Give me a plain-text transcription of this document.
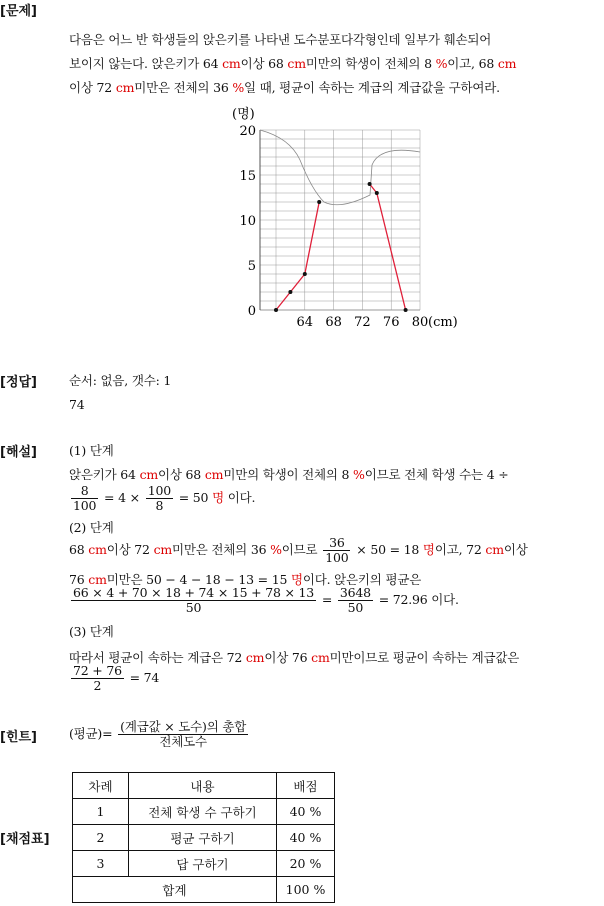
[문제]
[정답]
[해설]
[힌트]
[채점표]
다음은 어느 반 학생들의 앉은키를 나타낸 도수분포다각형인데 일부가 훼손되어
보이지 않는다. 앉은키가 64 cm이상 68 cm미만의 학생이 전체의 8 %이고, 68 cm
이상 72 cm미만은 전체의 36 %일 때, 평균이 속하는 계급의 계급값을 구하여라.
0
5
10
15
20
64 68 72 76 80
(명)
(cm)
순서: 없음, 갯수: 1
74
(1) 단계
앉은키가 64 cm이상 68 cm미만의 학생이 전체의 8 %이므로 전체 학생 수는 4 ÷
$\frac{8}{100} = 4 \times \frac{100}{8} = 50$ 명 이다.
(2) 단계
68 cm이상 72 cm미만은 전체의 36 %이므로 $\frac{36}{100} \times 50 = 18$ 명이고, 72 cm이상
76 cm미만은 50 − 4 − 18 − 13 = 15 명이다. 앉은키의 평균은
$\frac{66 \times 4 + 70 \times 18 + 74 \times 15 + 78 \times 13}{50} = \frac{3648}{50} = 72.96$ 이다.
(3) 단계
따라서 평균이 속하는 계급은 72 cm이상 76 cm미만이므로 평균이 속하는 계급값은
$\frac{72 + 76}{2} = 74$
(평균)= $\frac{\text{(계급값 × 도수)의 총합}}{\text{전체도수}}$
차례	내용	배점
1	전체 학생 수 구하기	40 %
2	평균 구하기	40 %
3	답 구하기	20 %
합계		100 %
